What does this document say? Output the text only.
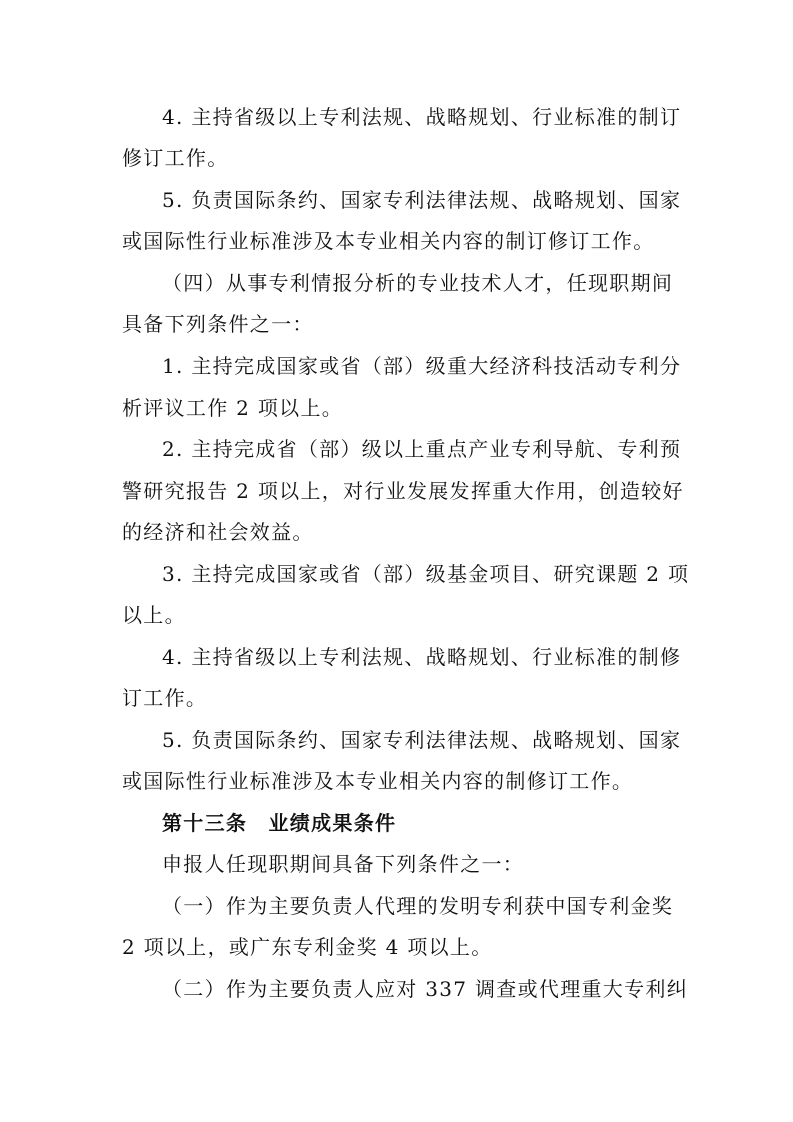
4. 主持省级以上专利法规、战略规划、行业标准的制订
修订工作。
5. 负责国际条约、国家专利法律法规、战略规划、国家
或国际性行业标准涉及本专业相关内容的制订修订工作。
（四）从事专利情报分析的专业技术人才，任现职期间
具备下列条件之一：
1. 主持完成国家或省（部）级重大经济科技活动专利分
析评议工作 2 项以上。
2. 主持完成省（部）级以上重点产业专利导航、专利预
警研究报告 2 项以上，对行业发展发挥重大作用，创造较好
的经济和社会效益。
3. 主持完成国家或省（部）级基金项目、研究课题 2 项
以上。
4. 主持省级以上专利法规、战略规划、行业标准的制修
订工作。
5. 负责国际条约、国家专利法律法规、战略规划、国家
或国际性行业标准涉及本专业相关内容的制修订工作。
第十三条　业绩成果条件
申报人任现职期间具备下列条件之一：
（一）作为主要负责人代理的发明专利获中国专利金奖
2 项以上，或广东专利金奖 4 项以上。
（二）作为主要负责人应对 337 调查或代理重大专利纠
